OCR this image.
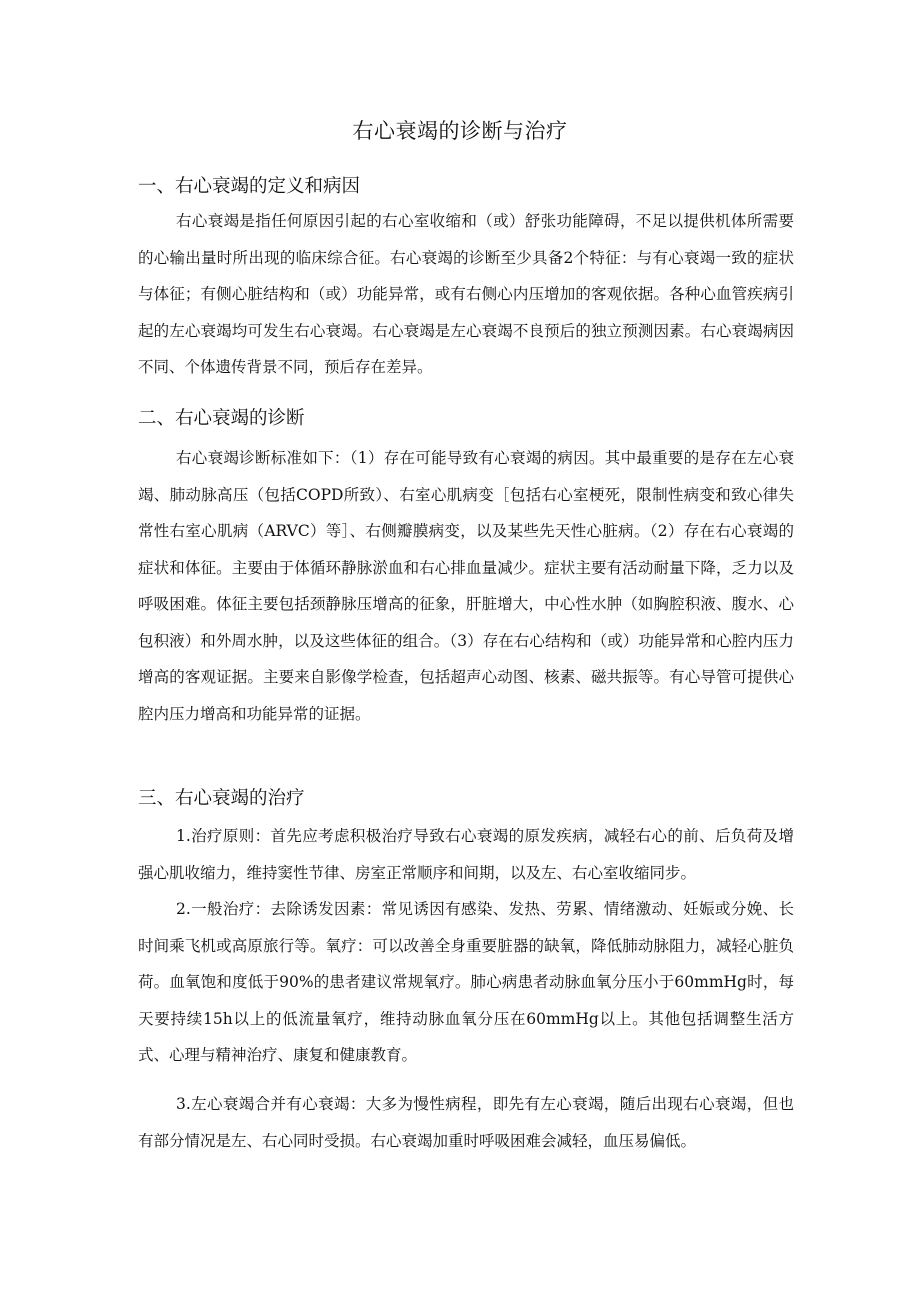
右心衰竭的诊断与治疗
一、右心衰竭的定义和病因

右心衰竭是指任何原因引起的右心室收缩和（或）舒张功能障碍，不足以提供机体所需要的心输出量时所出现的临床综合征。右心衰竭的诊断至少具备2个特征：与有心衰竭一致的症状与体征；有侧心脏结构和（或）功能异常，或有右侧心内压增加的客观依据。各种心血管疾病引起的左心衰竭均可发生右心衰竭。右心衰竭是左心衰竭不良预后的独立预测因素。右心衰竭病因不同、个体遗传背景不同，预后存在差异。

二、右心衰竭的诊断

右心衰竭诊断标准如下：（1）存在可能导致有心衰竭的病因。其中最重要的是存在左心衰竭、肺动脉高压（包括COPD所致）、右室心肌病变［包括右心室梗死，限制性病变和致心律失常性右室心肌病（ARVC）等］、右侧瓣膜病变，以及某些先天性心脏病。（2）存在右心衰竭的症状和体征。主要由于体循环静脉淤血和右心排血量减少。症状主要有活动耐量下降，乏力以及呼吸困难。体征主要包括颈静脉压增高的征象，肝脏增大，中心性水肿（如胸腔积液、腹水、心包积液）和外周水肿，以及这些体征的组合。（3）存在右心结构和（或）功能异常和心腔内压力增高的客观证据。主要来自影像学检查，包括超声心动图、核素、磁共振等。有心导管可提供心腔内压力增高和功能异常的证据。

三、右心衰竭的治疗

1.治疗原则：首先应考虑积极治疗导致右心衰竭的原发疾病，减轻右心的前、后负荷及增强心肌收缩力，维持窦性节律、房室正常顺序和间期，以及左、右心室收缩同步。

2.一般治疗：去除诱发因素：常见诱因有感染、发热、劳累、情绪激动、妊娠或分娩、长时间乘飞机或高原旅行等。氧疗：可以改善全身重要脏器的缺氧，降低肺动脉阻力，减轻心脏负荷。血氧饱和度低于90%的患者建议常规氧疗。肺心病患者动脉血氧分压小于60mmHg时，每天要持续15h以上的低流量氧疗，维持动脉血氧分压在60mmHg以上。其他包括调整生活方式、心理与精神治疗、康复和健康教育。

3.左心衰竭合并有心衰竭：大多为慢性病程，即先有左心衰竭，随后出现右心衰竭，但也有部分情况是左、右心同时受损。右心衰竭加重时呼吸困难会减轻，血压易偏低。
